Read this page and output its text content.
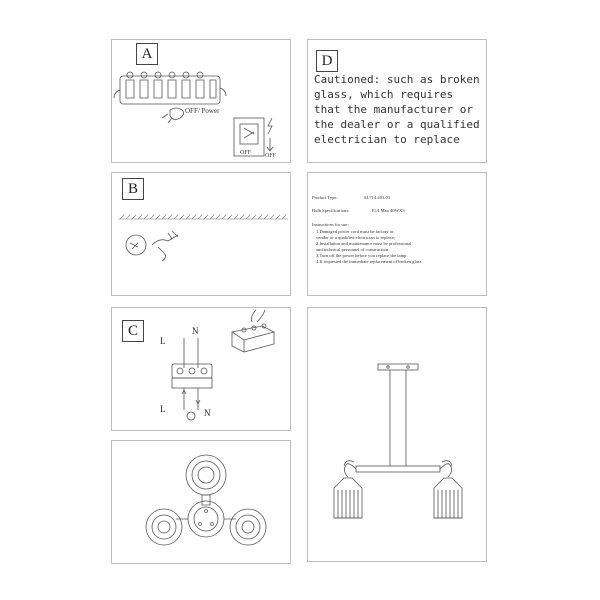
A
OFF/ Power
OFF OFF
D
Cautioned: such as broken
glass, which requires
that the manufacturer or
the dealer or a qualified
electrician to replace
B
Product Type:	SL714.403.03
Bulb Specifications:	E14 Max 40WX3
Instructions for use:
1.Damaged power cord must be factory or
vendor or a qualified electrician to replace;
2.Installation and maintenance must be professional
and technical personnel of construction
3.Turn off the power before you replace the lamp
4.If requested the immediate replacement of broken glass
C
L
N
L	N
